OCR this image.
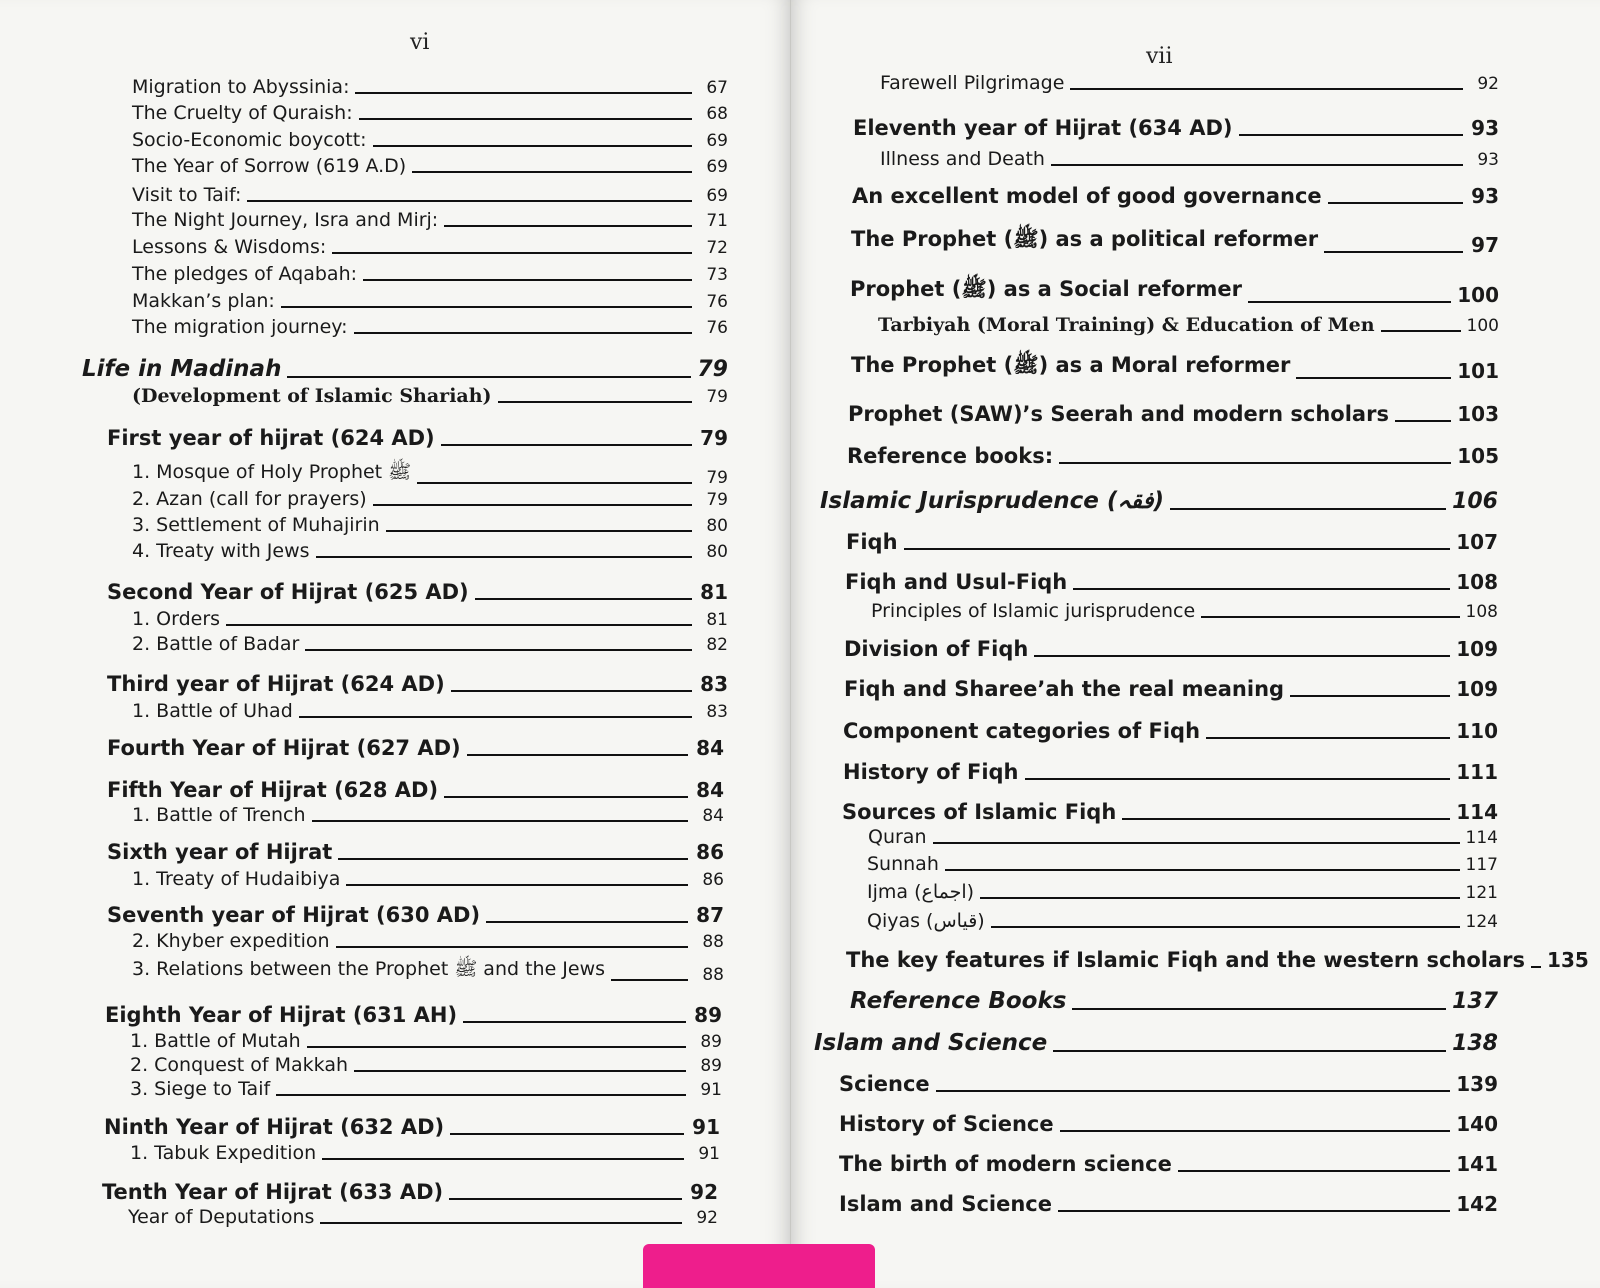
vi
Migration to Abyssinia:	67
The Cruelty of Quraish:	68
Socio-Economic boycott:	69
The Year of Sorrow (619 A.D)	69
Visit to Taif:	69
The Night Journey, Isra and Mirj:	71
Lessons & Wisdoms:	72
The pledges of Aqabah:	73
Makkan’s plan:	76
The migration journey:	76
Life in Madinah	79
(Development of Islamic Shariah)	79
First year of hijrat (624 AD)	79
1. Mosque of Holy Prophet ﷺ	79
2. Azan (call for prayers)	79
3. Settlement of Muhajirin	80
4. Treaty with Jews	80
Second Year of Hijrat (625 AD)	81
1. Orders	81
2. Battle of Badar	82
Third year of Hijrat (624 AD)	83
1. Battle of Uhad	83
Fourth Year of Hijrat (627 AD)	84
Fifth Year of Hijrat (628 AD)	84
1. Battle of Trench	84
Sixth year of Hijrat	86
1. Treaty of Hudaibiya	86
Seventh year of Hijrat (630 AD)	87
2. Khyber expedition	88
3. Relations between the Prophet ﷺ and the Jews	88
Eighth Year of Hijrat (631 AH)	89
1. Battle of Mutah	89
2. Conquest of Makkah	89
3. Siege to Taif	91
Ninth Year of Hijrat (632 AD)	91
1. Tabuk Expedition	91
Tenth Year of Hijrat (633 AD)	92
Year of Deputations	92
vii
Farewell Pilgrimage	92
Eleventh year of Hijrat (634 AD)	93
Illness and Death	93
An excellent model of good governance	93
The Prophet (ﷺ) as a political reformer	97
Prophet (ﷺ) as a Social reformer	100
Tarbiyah (Moral Training) & Education of Men	100
The Prophet (ﷺ) as a Moral reformer	101
Prophet (SAW)’s Seerah and modern scholars	103
Reference books:	105
Islamic Jurisprudence (فقہ)	106
Fiqh	107
Fiqh and Usul-Fiqh	108
Principles of Islamic jurisprudence	108
Division of Fiqh	109
Fiqh and Sharee’ah the real meaning	109
Component categories of Fiqh	110
History of Fiqh	111
Sources of Islamic Fiqh	114
Quran	114
Sunnah	117
Ijma (اجماع)	121
Qiyas (قیاس)	124
The key features if Islamic Fiqh and the western scholars 135
Reference Books	137
Islam and Science	138
Science	139
History of Science	140
The birth of modern science	141
Islam and Science	142
